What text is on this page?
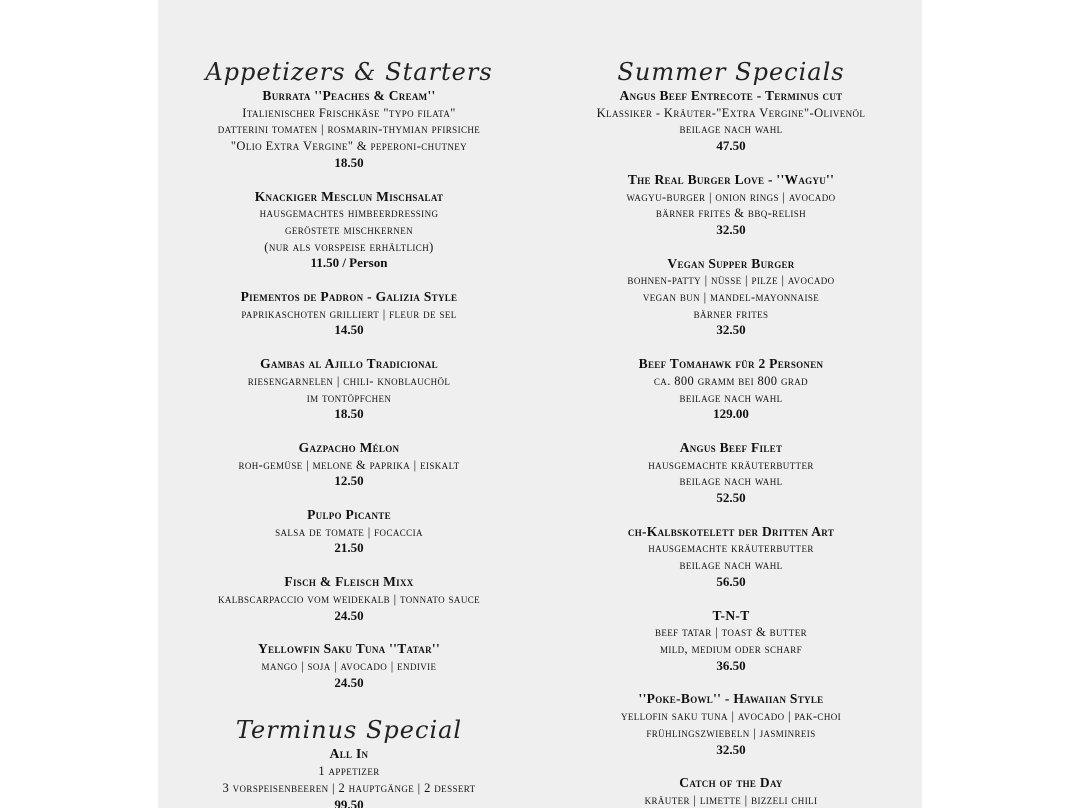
Appetizers & Starters
Burrata ''Peaches & Cream''
Italienischer Frischkäse "typo filata"
datterini tomaten | rosmarin-thymian pfirsiche
"Olio Extra Vergine" & peperoni-chutney
18.50
Knackiger Mesclun Mischsalat
hausgemachtes himbeerdressing
geröstete mischkernen
(nur als vorspeise erhältlich)
11.50 / Person
Piementos de Padron - Galizia Style
paprikaschoten grilliert | fleur de sel
14.50
Gambas al Ajillo Tradicional
riesengarnelen | chili- knoblauchöl
im tontöpfchen
18.50
Gazpacho Mélon
roh-gemüse | melone & paprika | eiskalt
12.50
Pulpo Picante
salsa de tomate | focaccia
21.50
Fisch & Fleisch Mixx
kalbscarpaccio vom weidekalb | tonnato sauce
24.50
Yellowfin Saku Tuna ''Tatar''
mango | soja | avocado | endivie
24.50
Terminus Special
All In
1 appetizer
3 vorspeisenbeeren | 2 hauptgänge | 2 dessert
99.50
Summer Specials
Angus Beef Entrecote - Terminus cut
Klassiker - Kräuter-"Extra Vergine"-Olivenöl
beilage nach wahl
47.50
The Real Burger Love - ''Wagyu''
wagyu-burger | onion rings | avocado
bärner frites & bbq-relish
32.50
Vegan Supper Burger
bohnen-patty | nüsse | pilze | avocado
vegan bun | mandel-mayonnaise
bärner frites
32.50
Beef Tomahawk für 2 Personen
ca. 800 gramm bei 800 grad
beilage nach wahl
129.00
Angus Beef Filet
hausgemachte kräuterbutter
beilage nach wahl
52.50
ch-Kalbskotelett der Dritten Art
hausgemachte kräuterbutter
beilage nach wahl
56.50
T-N-T
beef tatar | toast & butter
mild, medium oder scharf
36.50
''Poke-Bowl'' - Hawaiian Style
yellofin saku tuna | avocado | pak-choi
frühlingszwiebeln | jasminreis
32.50
Catch of the Day
kräuter | limette | bizzeli chili
